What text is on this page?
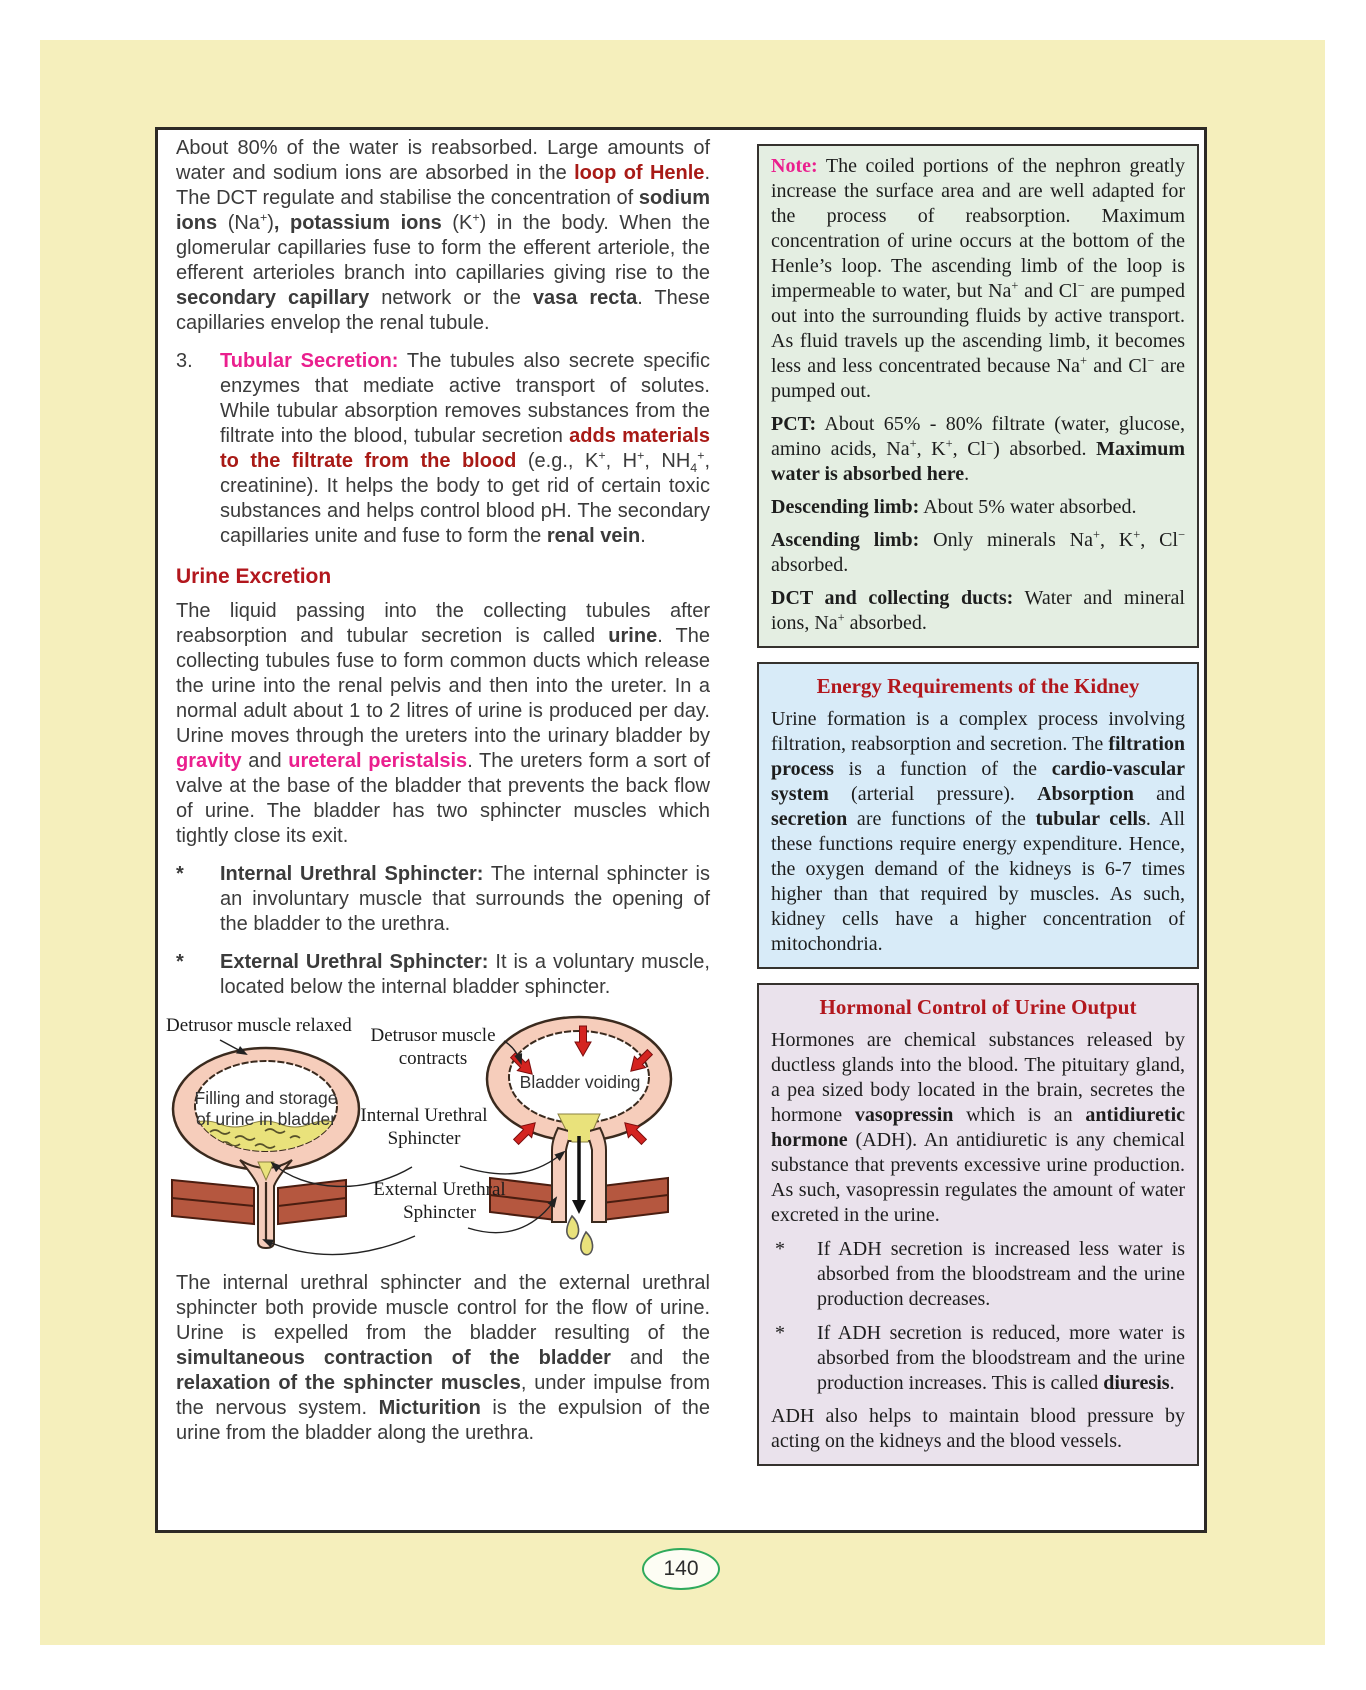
About 80% of the water is reabsorbed. Large amounts of water and sodium ions are absorbed in the loop of Henle. The DCT regulate and stabilise the concentration of sodium ions (Na+), potassium ions (K+) in the body. When the glomerular capillaries fuse to form the efferent arteriole, the efferent arterioles branch into capillaries giving rise to the secondary capillary network or the vasa recta. These capillaries envelop the renal tubule.

3.	Tubular Secretion: The tubules also secrete specific enzymes that mediate active transport of solutes. While tubular absorption removes substances from the filtrate into the blood, tubular secretion adds materials to the filtrate from the blood (e.g., K+, H+, $NH_4^+$, creatinine). It helps the body to get rid of certain toxic substances and helps control blood pH. The secondary capillaries unite and fuse to form the renal vein.

Urine Excretion

The liquid passing into the collecting tubules after reabsorption and tubular secretion is called urine. The collecting tubules fuse to form common ducts which release the urine into the renal pelvis and then into the ureter. In a normal adult about 1 to 2 litres of urine is produced per day. Urine moves through the ureters into the urinary bladder by gravity and ureteral peristalsis. The ureters form a sort of valve at the base of the bladder that prevents the back flow of urine. The bladder has two sphincter muscles which tightly close its exit.

*	Internal Urethral Sphincter: The internal sphincter is an involuntary muscle that surrounds the opening of the bladder to the urethra.

*	External Urethral Sphincter: It is a voluntary muscle, located below the internal bladder sphincter.

Detrusor muscle relaxed Detrusor muscle contracts
Filling and storage of urine in bladder Internal Urethral Sphincter
External Urethral Sphincter
Bladder voiding

The internal urethral sphincter and the external urethral sphincter both provide muscle control for the flow of urine. Urine is expelled from the bladder resulting of the simultaneous contraction of the bladder and the relaxation of the sphincter muscles, under impulse from the nervous system. Micturition is the expulsion of the urine from the bladder along the urethra.

Note: The coiled portions of the nephron greatly increase the surface area and are well adapted for the process of reabsorption. Maximum concentration of urine occurs at the bottom of the Henle’s loop. The ascending limb of the loop is impermeable to water, but Na+ and Cl− are pumped out into the surrounding fluids by active transport. As fluid travels up the ascending limb, it becomes less and less concentrated because Na+ and Cl− are pumped out.

PCT: About 65% - 80% filtrate (water, glucose, amino acids, Na+, K+, Cl−) absorbed. Maximum water is absorbed here.

Descending limb: About 5% water absorbed.

Ascending limb: Only minerals Na+, K+, Cl− absorbed.

DCT and collecting ducts: Water and mineral ions, Na+ absorbed.

Energy Requirements of the Kidney

Urine formation is a complex process involving filtration, reabsorption and secretion. The filtration process is a function of the cardio-vascular system (arterial pressure). Absorption and secretion are functions of the tubular cells. All these functions require energy expenditure. Hence, the oxygen demand of the kidneys is 6-7 times higher than that required by muscles. As such, kidney cells have a higher concentration of mitochondria.

Hormonal Control of Urine Output

Hormones are chemical substances released by ductless glands into the blood. The pituitary gland, a pea sized body located in the brain, secretes the hormone vasopressin which is an antidiuretic hormone (ADH). An antidiuretic is any chemical substance that prevents excessive urine production. As such, vasopressin regulates the amount of water excreted in the urine.

*	If ADH secretion is increased less water is absorbed from the bloodstream and the urine production decreases.

*	If ADH secretion is reduced, more water is absorbed from the bloodstream and the urine production increases. This is called diuresis.

ADH also helps to maintain blood pressure by acting on the kidneys and the blood vessels.

140
